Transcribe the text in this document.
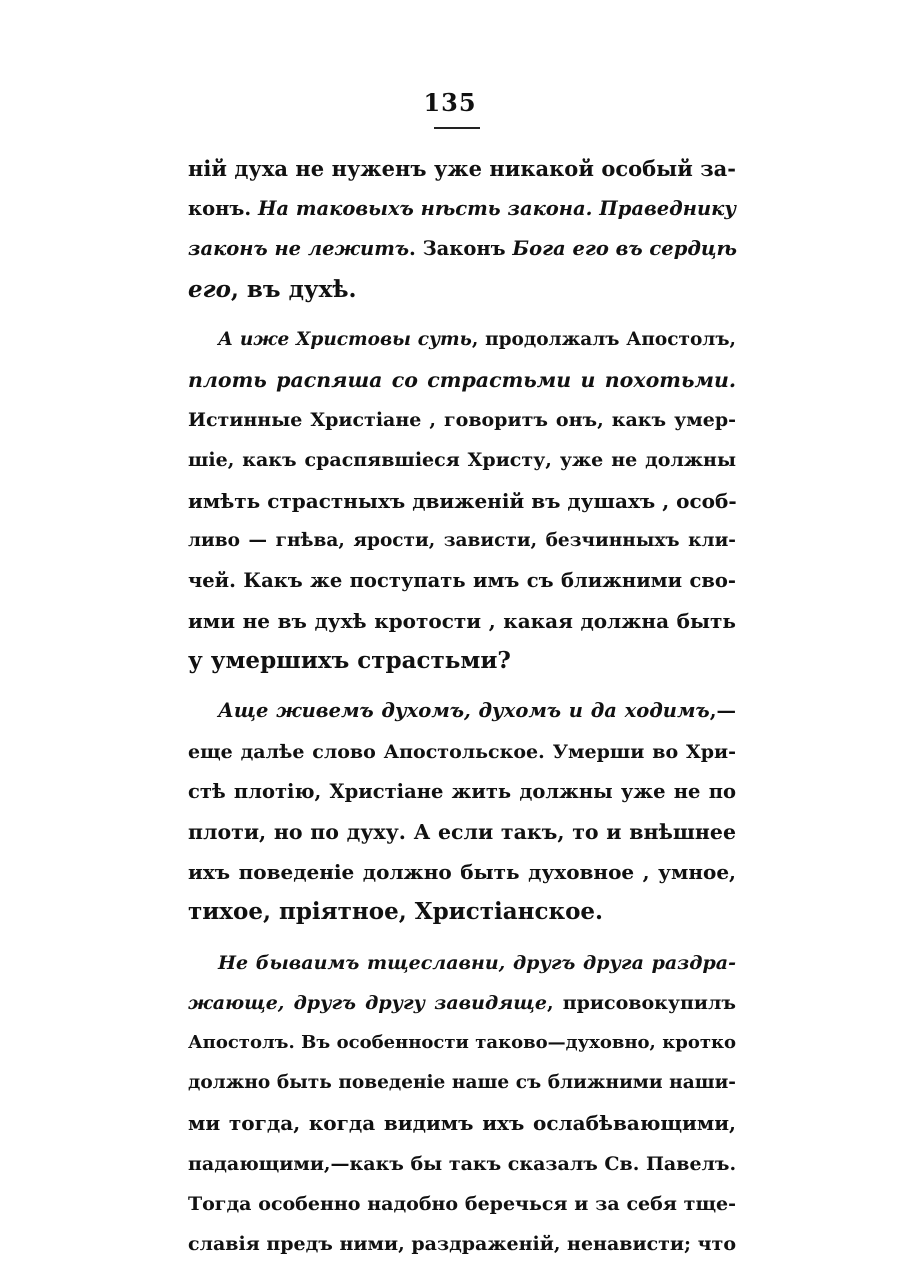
135
ній духа не нуженъ уже никакой особый за-
конъ. На таковыхъ нѣсть закона. Праведнику
законъ не лежитъ. Законъ Бога его въ сердцѣ
его, въ духѣ.
А иже Христовы суть, продолжалъ Апостолъ,
плоть распяша со страстьми и похотьми.
Истинные Христіане , говоритъ онъ, какъ умер-
шіе, какъ сраспявшіеся Христу, уже не должны
имѣть страстныхъ движеній въ душахъ , особ-
ливо — гнѣва, ярости, зависти, безчинныхъ кли-
чей. Какъ же поступать имъ съ ближними сво-
ими не въ духѣ кротости , какая должна быть
у умершихъ страстьми?
Аще живемъ духомъ, духомъ и да ходимъ,—
еще далѣе слово Апостольское. Умерши во Хри-
стѣ плотію, Христіане жить должны уже не по
плоти, но по духу. А если такъ, то и внѣшнее
ихъ поведеніе должно быть духовное , умное,
тихое, пріятное, Христіанское.
Не бываимъ тщеславни, другъ друга раздра-
жающе, другъ другу завидяще, присовокупилъ
Апостолъ. Въ особенности таково—духовно, кротко
должно быть поведеніе наше съ ближними наши-
ми тогда, когда видимъ ихъ ослабѣвающими,
падающими,—какъ бы такъ сказалъ Св. Павелъ.
Тогда особенно надобно беречься и за себя тще-
славія предъ ними, раздраженій, ненависти; что
